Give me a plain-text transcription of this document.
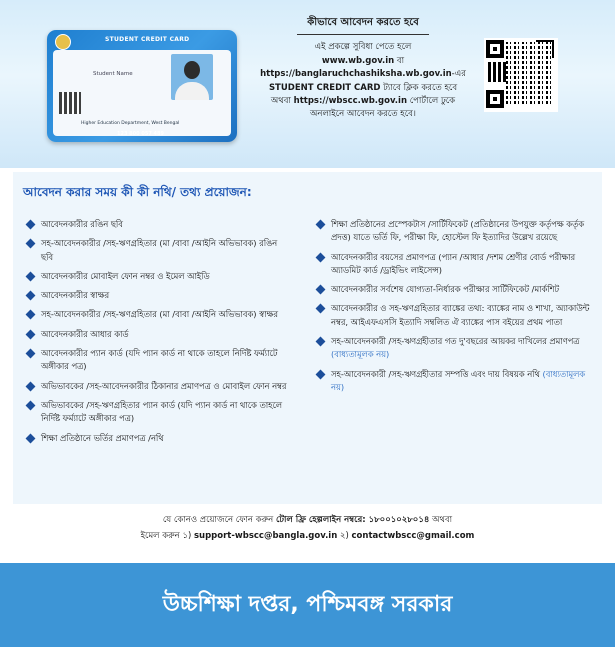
STUDENT CREDIT CARD
Student Name
Higher Education Department, West Bengal
123 800 057 489
কীভাবে আবেদন করতে হবে
এই প্রকল্পে সুবিধা পেতে হলে
www.wb.gov.in বা
https://banglaruchchashiksha.wb.gov.in-এর
STUDENT CREDIT CARD ট্যাবে ক্লিক করতে হবে
অথবা https://wbscc.wb.gov.in পোর্টালে ঢুকে
অনলাইনে আবেদন করতে হবে।
আবেদন করার সময় কী কী নথি/ তথ্য প্রয়োজন:
আবেদনকারীর রঙিন ছবি
সহ-আবেদনকারীর /সহ-ঋণগ্রহিতার (মা /বাবা /আইনি অভিভাবক) রঙিন ছবি
আবেদনকারীর মোবাইল ফোন নম্বর ও ইমেল আইডি
আবেদনকারীর স্বাক্ষর
সহ-আবেদনকারীর /সহ-ঋণগ্রহিতার (মা /বাবা /আইনি অভিভাবক) স্বাক্ষর
আবেদনকারীর আধার কার্ড
আবেদনকারীর প্যান কার্ড (যদি প্যান কার্ড না থাকে তাহলে নির্দিষ্ট ফর্ম্যাটে অঙ্গীকার পত্র)
অভিভাবকের /সহ-আবেদনকারীর ঠিকানার প্রমাণপত্র ও মোবাইল ফোন নম্বর
অভিভাবকের /সহ-ঋণগ্রহিতার প্যান কার্ড (যদি প্যান কার্ড না থাকে তাহলে নির্দিষ্ট ফর্ম্যাটে অঙ্গীকার পত্র)
শিক্ষা প্রতিষ্ঠানে ভর্তির প্রমাণপত্র /নথি
শিক্ষা প্রতিষ্ঠানের প্রস্পেকটাস /সার্টিফিকেট (প্রতিষ্ঠানের উপযুক্ত কর্তৃপক্ষ কর্তৃক প্রদত্ত) যাতে ভর্তি ফি, পরীক্ষা ফি, হোস্টেল ফি ইত্যাদির উল্লেখ রয়েছে
আবেদনকারীর বয়সের প্রমাণপত্র (প্যান /আধার /দশম শ্রেণীর বোর্ড পরীক্ষার অ্যাডমিট কার্ড /ড্রাইভিং লাইসেন্স)
আবেদনকারীর সর্বশেষ যোগ্যতা-নির্ধারক পরীক্ষার সার্টিফিকেট /মার্কশিট
আবেদনকারীর ও সহ-ঋণগ্রহিতার ব্যাঙ্কের তথ্য: ব্যাঙ্কের নাম ও শাখা, অ্যাকাউন্ট নম্বর, আইএফএসসি ইত্যাদি সম্বলিত ঐ ব্যাঙ্কের পাস বইয়ের প্রথম পাতা
সহ-আবেদনকারী /সহ-ঋণগ্রহীতার গত দু'বছরের আয়কর দাখিলের প্রমাণপত্র (বাধ্যতামূলক নয়)
সহ-আবেদনকারী /সহ-ঋণগ্রহীতার সম্পত্তি এবং দায় বিষয়ক নথি (বাধ্যতামূলক নয়)
যে কোনও প্রয়োজনে ফোন করুন টোল ফ্রি হেল্পলাইন নম্বরে: ১৮০০১০২৮০১৪ অথবা
ইমেল করুন ১) support-wbscc@bangla.gov.in ২) contactwbscc@gmail.com
উচ্চশিক্ষা দপ্তর, পশ্চিমবঙ্গ সরকার
